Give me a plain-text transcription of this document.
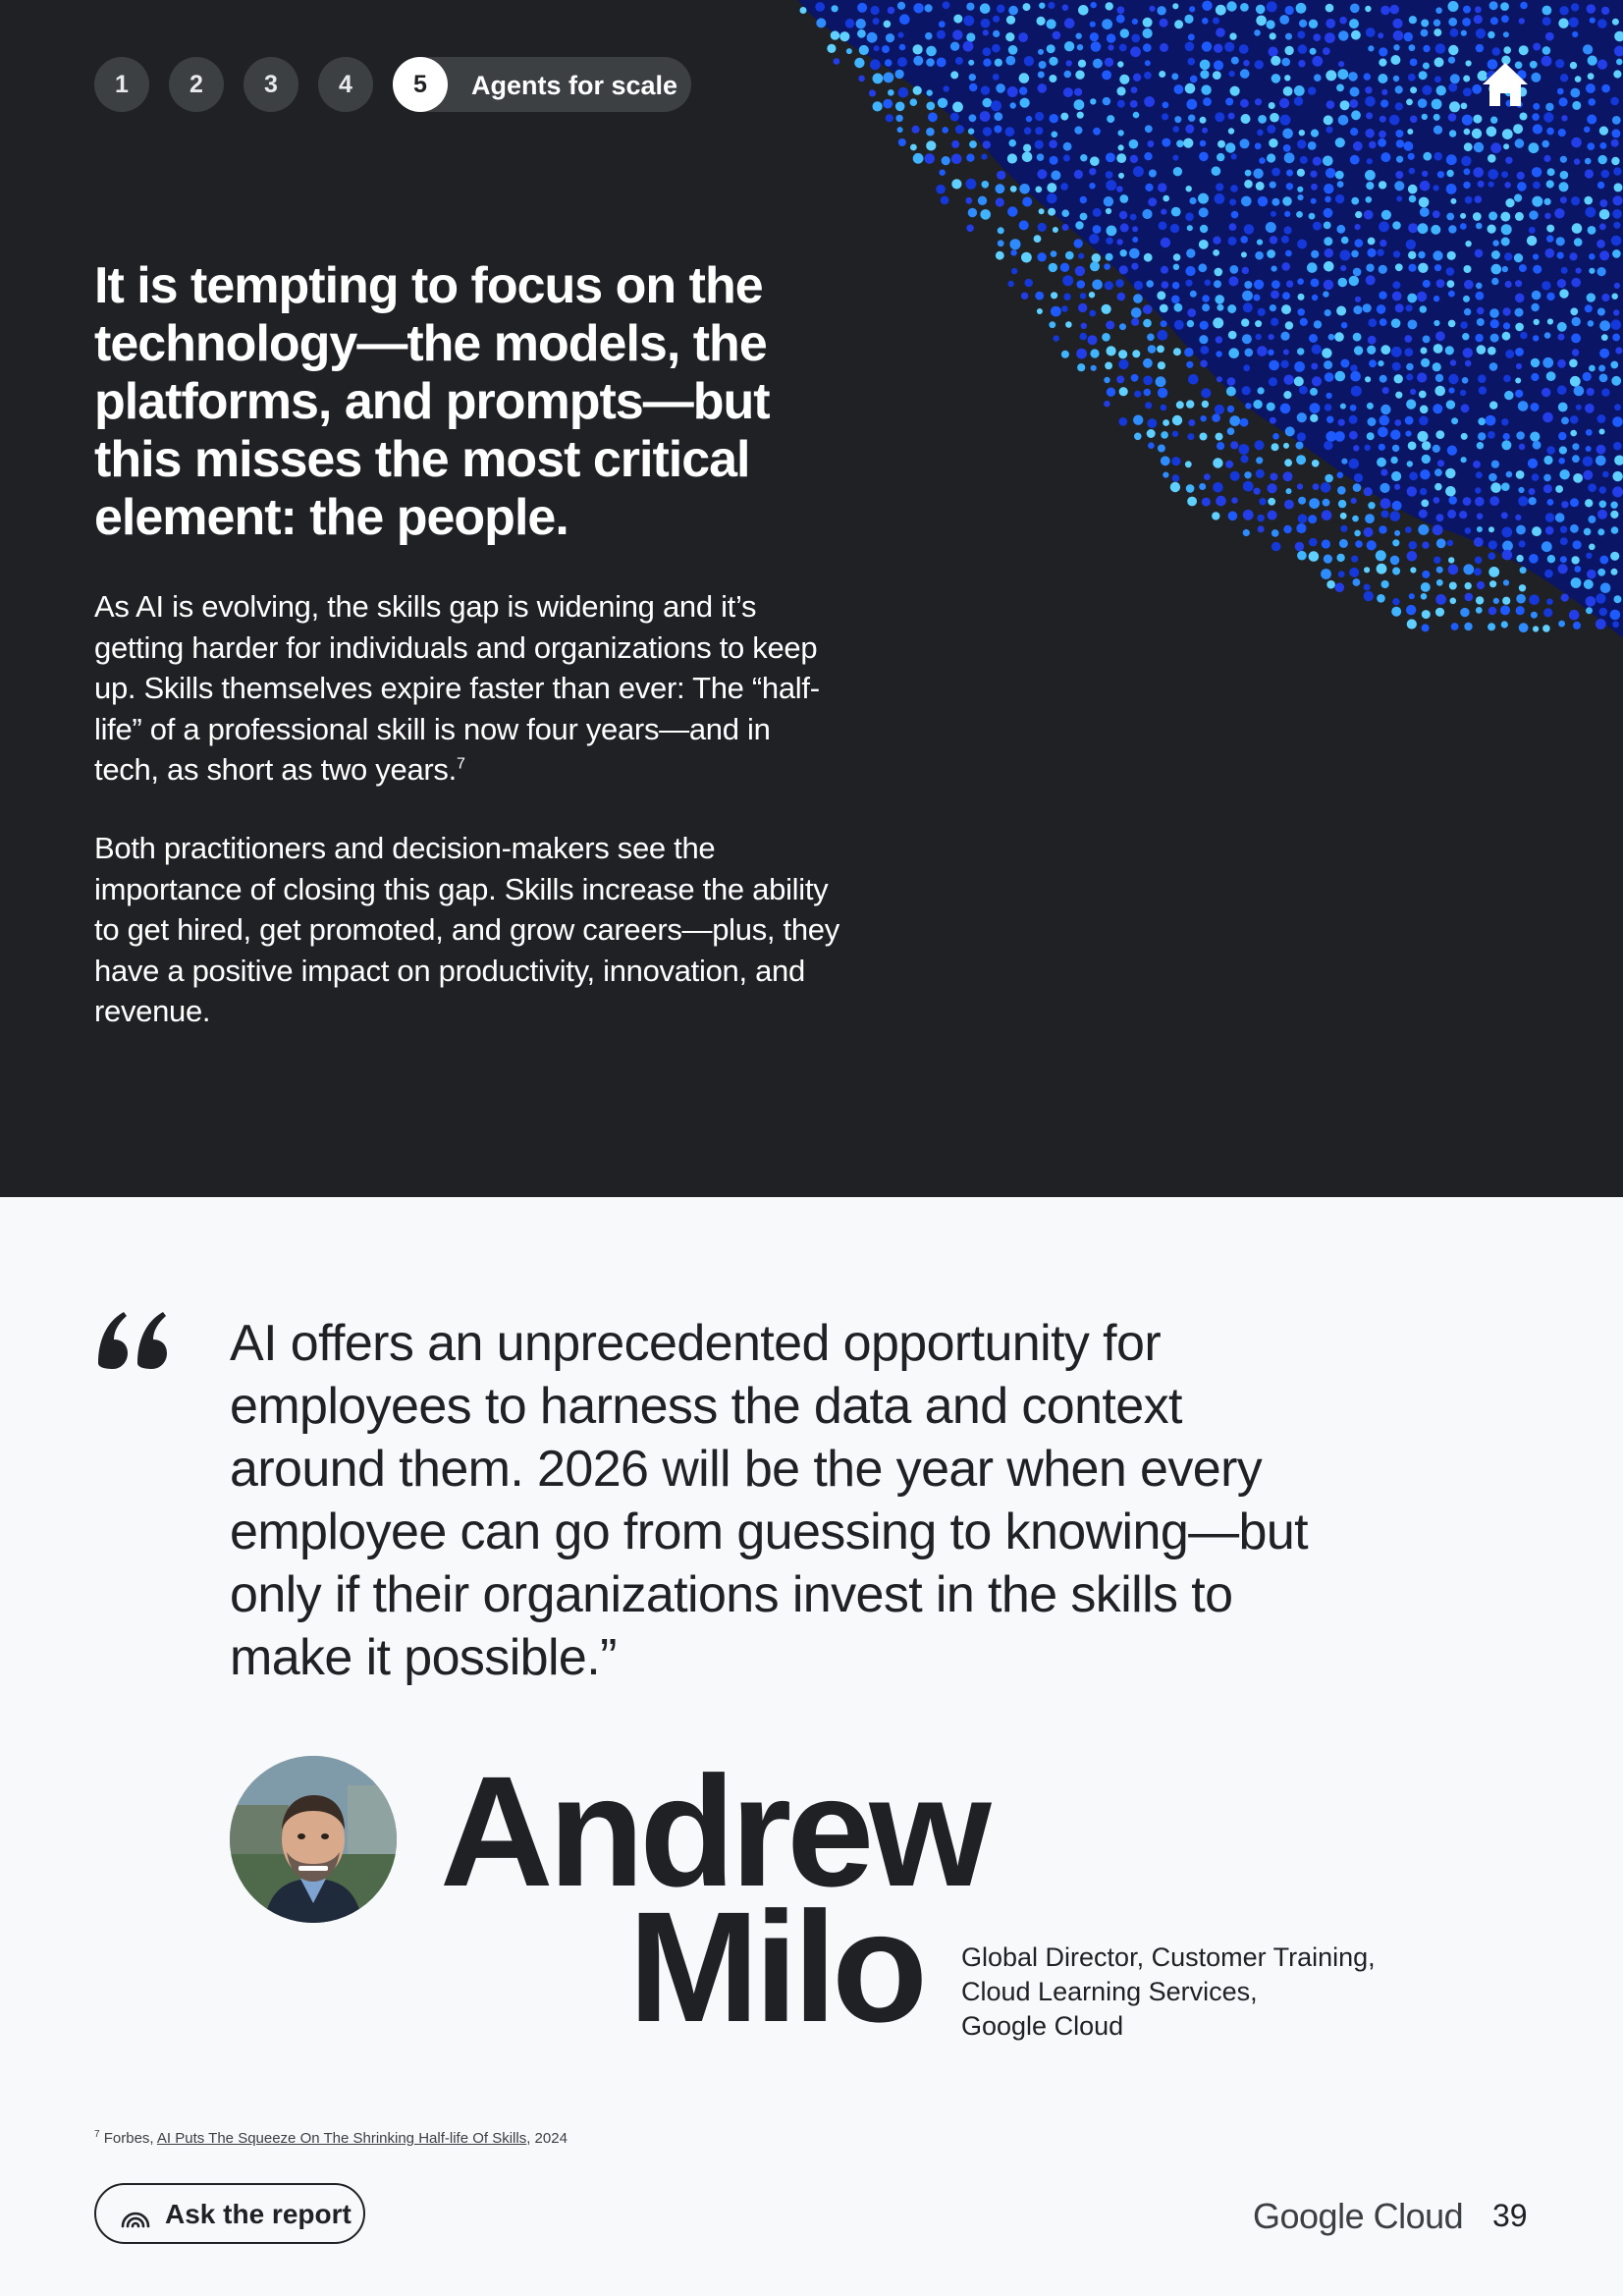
1	2	3	4	5	Agents for scale
It is tempting to focus on the technology—the models, the platforms, and prompts—but this misses the most critical element: the people.

As AI is evolving, the skills gap is widening and it’s getting harder for individuals and organizations to keep up. Skills themselves expire faster than ever: The “half-life” of a professional skill is now four years—and in tech, as short as two years.$^7$

Both practitioners and decision-makers see the importance of closing this gap. Skills increase the ability to get hired, get promoted, and grow careers—plus, they have a positive impact on productivity, innovation, and revenue.

AI offers an unprecedented opportunity for employees to harness the data and context around them. 2026 will be the year when every employee can go from guessing to knowing—but only if their organizations invest in the skills to make it possible.”

Andrew
Milo Global Director, Customer Training,
Cloud Learning Services,
Google Cloud
$^7$ Forbes, AI Puts The Squeeze On The Shrinking Half-life Of Skills, 2024
Ask the report	Google Cloud 39
